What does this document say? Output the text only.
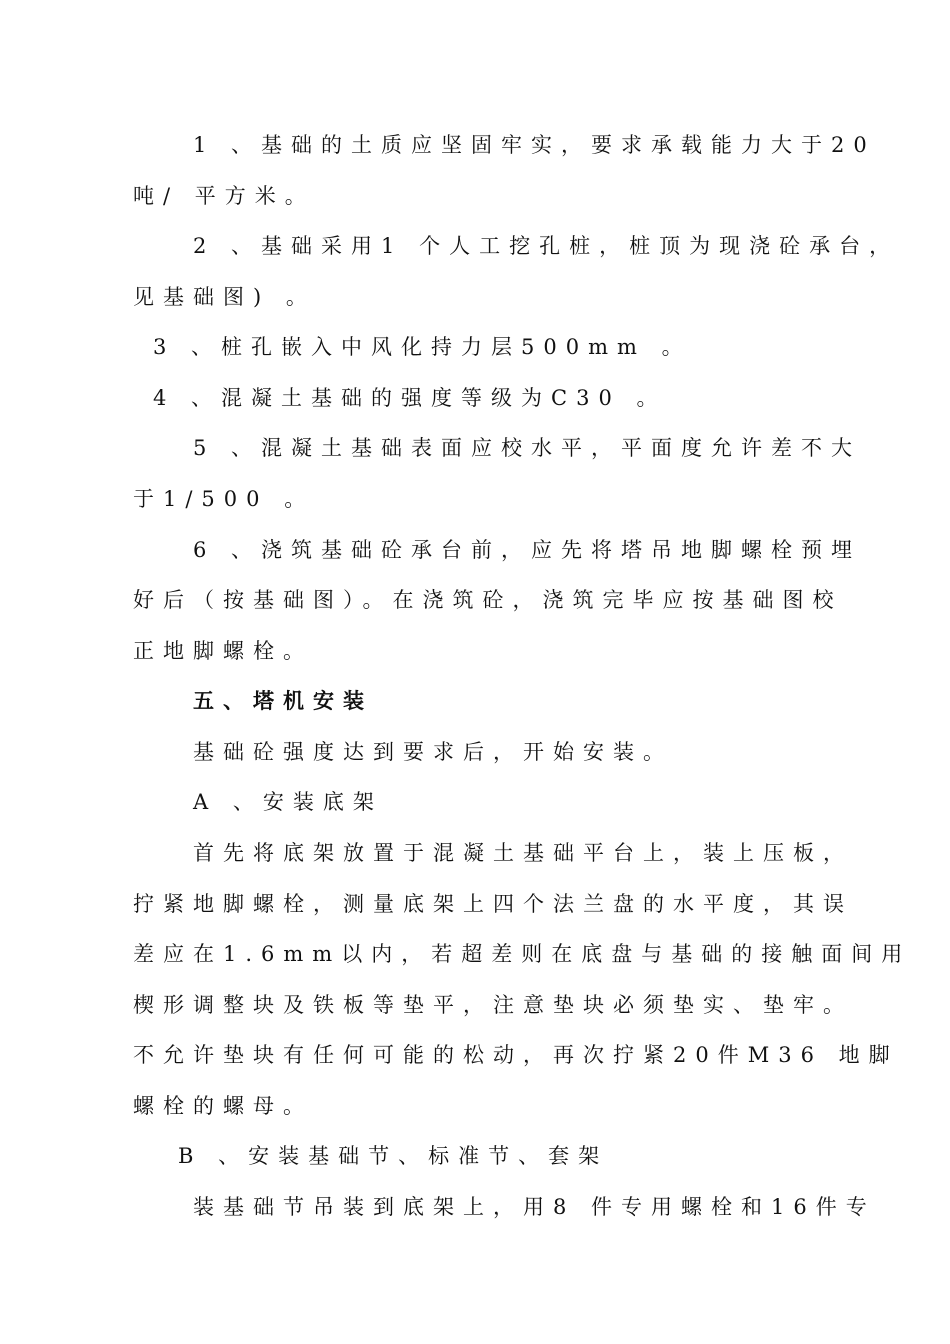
1 、基础的土质应坚固牢实，要求承载能力大于20
吨/ 平方米。
2 、基础采用1 个人工挖孔桩，桩顶为现浇砼承台，
见基础图) 。
3 、桩孔嵌入中风化持力层500mm 。
4 、混凝土基础的强度等级为C30 。
5 、混凝土基础表面应校水平，平面度允许差不大
于1/500 。
6 、浇筑基础砼承台前，应先将塔吊地脚螺栓预埋
好后（按基础图）。在浇筑砼，浇筑完毕应按基础图校
正地脚螺栓。
五、塔机安装
基础砼强度达到要求后，开始安装。
A 、安装底架
首先将底架放置于混凝土基础平台上，装上压板，
拧紧地脚螺栓，测量底架上四个法兰盘的水平度，其误
差应在1.6mm以内，若超差则在底盘与基础的接触面间用
楔形调整块及铁板等垫平，注意垫块必须垫实、垫牢。
不允许垫块有任何可能的松动，再次拧紧20件M36 地脚
螺栓的螺母。
B 、安装基础节、标准节、套架
装基础节吊装到底架上，用8 件专用螺栓和16件专
